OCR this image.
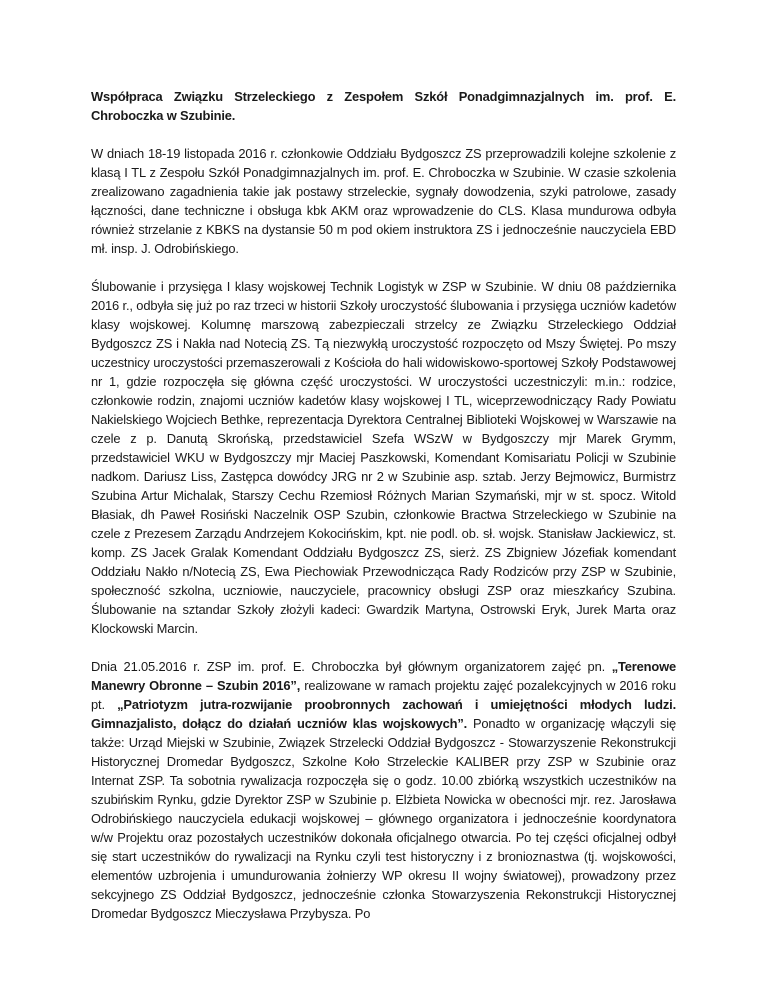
Współpraca Związku Strzeleckiego z Zespołem Szkół Ponadgimnazjalnych im. prof. E. Chroboczka w Szubinie.

W dniach 18-19 listopada 2016 r. członkowie Oddziału Bydgoszcz ZS przeprowadzili kolejne szkolenie z klasą I TL z Zespołu Szkół Ponadgimnazjalnych im. prof. E. Chroboczka w Szubinie. W czasie szkolenia zrealizowano zagadnienia takie jak postawy strzeleckie, sygnały dowodzenia, szyki patrolowe, zasady łączności, dane techniczne i obsługa kbk AKM oraz wprowadzenie do CLS. Klasa mundurowa odbyła również strzelanie z KBKS na dystansie 50 m pod okiem instruktora ZS i jednocześnie nauczyciela EBD mł. insp. J. Odrobińskiego.

Ślubowanie i przysięga I klasy wojskowej Technik Logistyk w ZSP w Szubinie. W dniu 08 października 2016 r., odbyła się już po raz trzeci w historii Szkoły uroczystość ślubowania i przysięga uczniów kadetów klasy wojskowej. Kolumnę marszową zabezpieczali strzelcy ze Związku Strzeleckiego Oddział Bydgoszcz ZS i Nakła nad Notecią ZS. Tą niezwykłą uroczystość rozpoczęto od Mszy Świętej. Po mszy uczestnicy uroczystości przemaszerowali z Kościoła do hali widowiskowo-sportowej Szkoły Podstawowej nr 1, gdzie rozpoczęła się główna część uroczystości. W uroczystości uczestniczyli: m.in.: rodzice, członkowie rodzin, znajomi uczniów kadetów klasy wojskowej I TL, wiceprzewodniczący Rady Powiatu Nakielskiego Wojciech Bethke, reprezentacja Dyrektora Centralnej Biblioteki Wojskowej w Warszawie na czele z p. Danutą Skrońską, przedstawiciel Szefa WSzW w Bydgoszczy mjr Marek Grymm, przedstawiciel WKU w Bydgoszczy mjr Maciej Paszkowski, Komendant Komisariatu Policji w Szubinie nadkom. Dariusz Liss, Zastępca dowódcy JRG nr 2 w Szubinie asp. sztab. Jerzy Bejmowicz, Burmistrz Szubina Artur Michalak, Starszy Cechu Rzemiosł Różnych Marian Szymański, mjr w st. spocz. Witold Błasiak, dh Paweł Rosiński Naczelnik OSP Szubin, członkowie Bractwa Strzeleckiego w Szubinie na czele z Prezesem Zarządu Andrzejem Kokocińskim, kpt. nie podl. ob. sł. wojsk. Stanisław Jackiewicz, st. komp. ZS Jacek Gralak Komendant Oddziału Bydgoszcz ZS, sierż. ZS Zbigniew Józefiak komendant Oddziału Nakło n/Notecią ZS, Ewa Piechowiak Przewodnicząca Rady Rodziców przy ZSP w Szubinie, społeczność szkolna, uczniowie, nauczyciele, pracownicy obsługi ZSP oraz mieszkańcy Szubina. Ślubowanie na sztandar Szkoły złożyli kadeci: Gwardzik Martyna, Ostrowski Eryk, Jurek Marta oraz Klockowski Marcin.

Dnia 21.05.2016 r. ZSP im. prof. E. Chroboczka był głównym organizatorem zajęć pn. „Terenowe Manewry Obronne – Szubin 2016”, realizowane w ramach projektu zajęć pozalekcyjnych w 2016 roku pt. „Patriotyzm jutra-rozwijanie proobronnych zachowań i umiejętności młodych ludzi. Gimnazjalisto, dołącz do działań uczniów klas wojskowych”. Ponadto w organizację włączyli się także: Urząd Miejski w Szubinie, Związek Strzelecki Oddział Bydgoszcz - Stowarzyszenie Rekonstrukcji Historycznej Dromedar Bydgoszcz, Szkolne Koło Strzeleckie KALIBER przy ZSP w Szubinie oraz Internat ZSP. Ta sobotnia rywalizacja rozpoczęła się o godz. 10.00 zbiórką wszystkich uczestników na szubińskim Rynku, gdzie Dyrektor ZSP w Szubinie p. Elżbieta Nowicka w obecności mjr. rez. Jarosława Odrobińskiego nauczyciela edukacji wojskowej – głównego organizatora i jednocześnie koordynatora w/w Projektu oraz pozostałych uczestników dokonała oficjalnego otwarcia. Po tej części oficjalnej odbył się start uczestników do rywalizacji na Rynku czyli test historyczny i z bronioznastwa (tj. wojskowości, elementów uzbrojenia i umundurowania żołnierzy WP okresu II wojny światowej), prowadzony przez sekcyjnego ZS Oddział Bydgoszcz, jednocześnie członka Stowarzyszenia Rekonstrukcji Historycznej Dromedar Bydgoszcz Mieczysława Przybysza. Po
